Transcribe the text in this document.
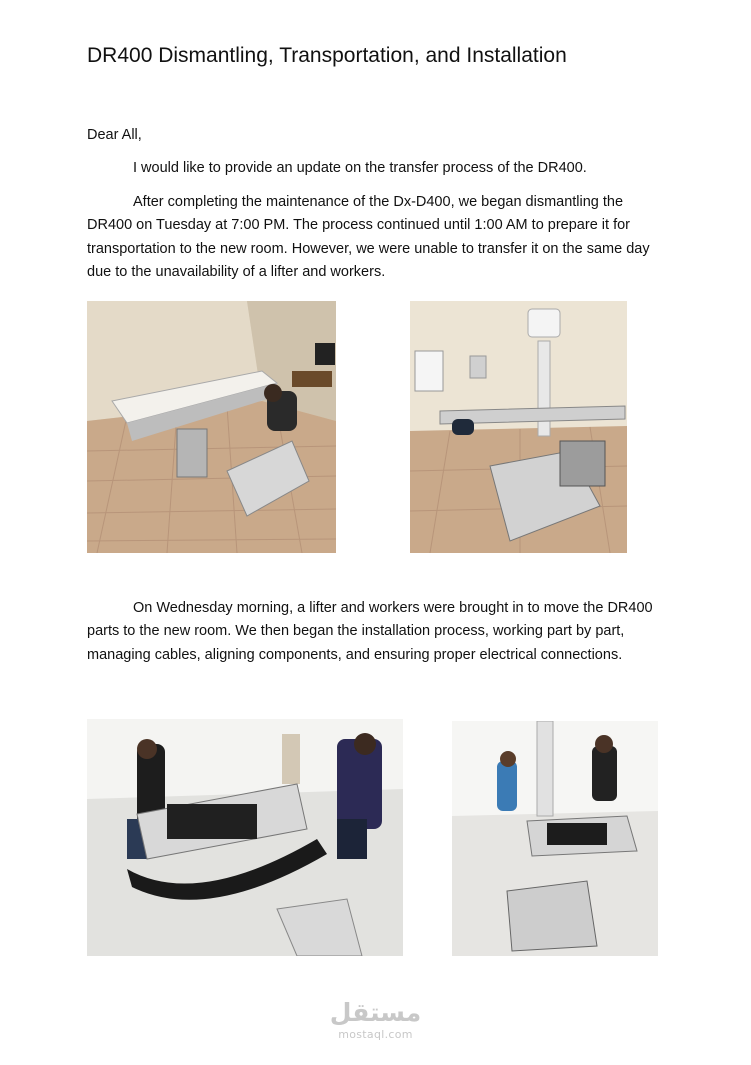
DR400 Dismantling, Transportation, and Installation

Dear All,

I would like to provide an update on the transfer process of the DR400.

After completing the maintenance of the Dx-D400, we began dismantling the DR400 on Tuesday at 7:00 PM. The process continued until 1:00 AM to prepare it for transportation to the new room. However, we were unable to transfer it on the same day due to the unavailability of a lifter and workers.

On Wednesday morning, a lifter and workers were brought in to move the DR400 parts to the new room. We then began the installation process, working part by part, managing cables, aligning components, and ensuring proper electrical connections.

مستقل
mostaql.com
